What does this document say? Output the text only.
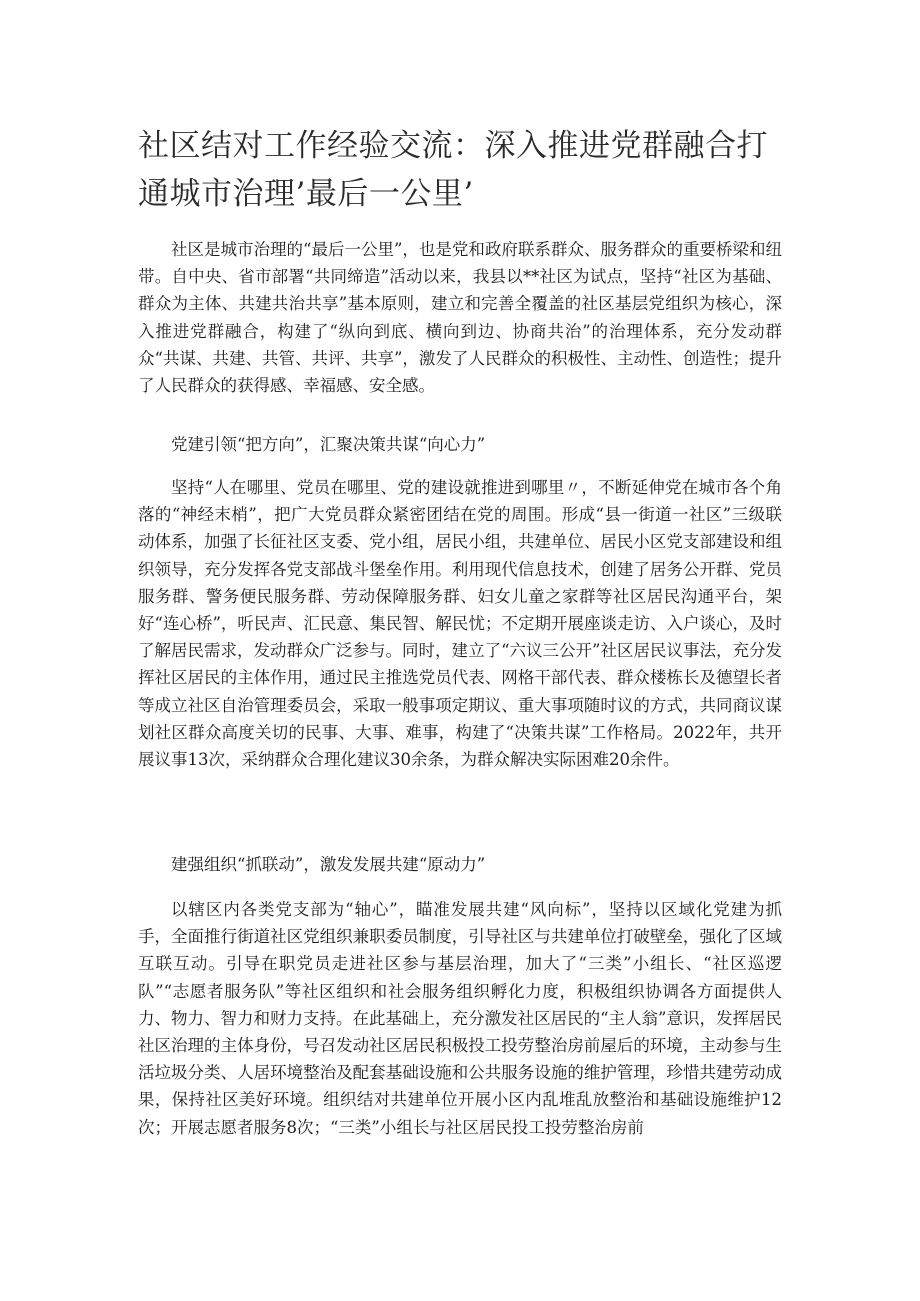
社区结对工作经验交流：深入推进党群融合打通城市治理’最后一公里’

社区是城市治理的“最后一公里”，也是党和政府联系群众、服务群众的重要桥梁和纽带。自中央、省市部署“共同缔造”活动以来，我县以**社区为试点，坚持“社区为基础、群众为主体、共建共治共享”基本原则，建立和完善全覆盖的社区基层党组织为核心，深入推进党群融合，构建了“纵向到底、横向到边、协商共治”的治理体系，充分发动群众“共谋、共建、共管、共评、共享”，激发了人民群众的积极性、主动性、创造性；提升了人民群众的获得感、幸福感、安全感。

党建引领“把方向”，汇聚决策共谋“向心力”

坚持“人在哪里、党员在哪里、党的建设就推进到哪里〃，不断延伸党在城市各个角落的“神经末梢”，把广大党员群众紧密团结在党的周围。形成“县一街道一社区”三级联动体系，加强了长征社区支委、党小组，居民小组，共建单位、居民小区党支部建设和组织领导，充分发挥各党支部战斗堡垒作用。利用现代信息技术，创建了居务公开群、党员服务群、警务便民服务群、劳动保障服务群、妇女儿童之家群等社区居民沟通平台，架好“连心桥”，听民声、汇民意、集民智、解民忧；不定期开展座谈走访、入户谈心，及时了解居民需求，发动群众广泛参与。同时，建立了“六议三公开”社区居民议事法，充分发挥社区居民的主体作用，通过民主推选党员代表、网格干部代表、群众楼栋长及德望长者等成立社区自治管理委员会，采取一般事项定期议、重大事项随时议的方式，共同商议谋划社区群众高度关切的民事、大事、难事，构建了“决策共谋”工作格局。2022年，共开展议事13次，采纳群众合理化建议30余条，为群众解决实际困难20余件。

建强组织“抓联动”，激发发展共建“原动力”

以辖区内各类党支部为“轴心”，瞄准发展共建“风向标”，坚持以区域化党建为抓手，全面推行街道社区党组织兼职委员制度，引导社区与共建单位打破壁垒，强化了区域互联互动。引导在职党员走进社区参与基层治理，加大了“三类”小组长、“社区巡逻队”“志愿者服务队”等社区组织和社会服务组织孵化力度，积极组织协调各方面提供人力、物力、智力和财力支持。在此基础上，充分激发社区居民的“主人翁”意识，发挥居民社区治理的主体身份，号召发动社区居民积极投工投劳整治房前屋后的环境，主动参与生活垃圾分类、人居环境整治及配套基础设施和公共服务设施的维护管理，珍惜共建劳动成果，保持社区美好环境。组织结对共建单位开展小区内乱堆乱放整治和基础设施维护12次；开展志愿者服务8次；“三类”小组长与社区居民投工投劳整治房前
